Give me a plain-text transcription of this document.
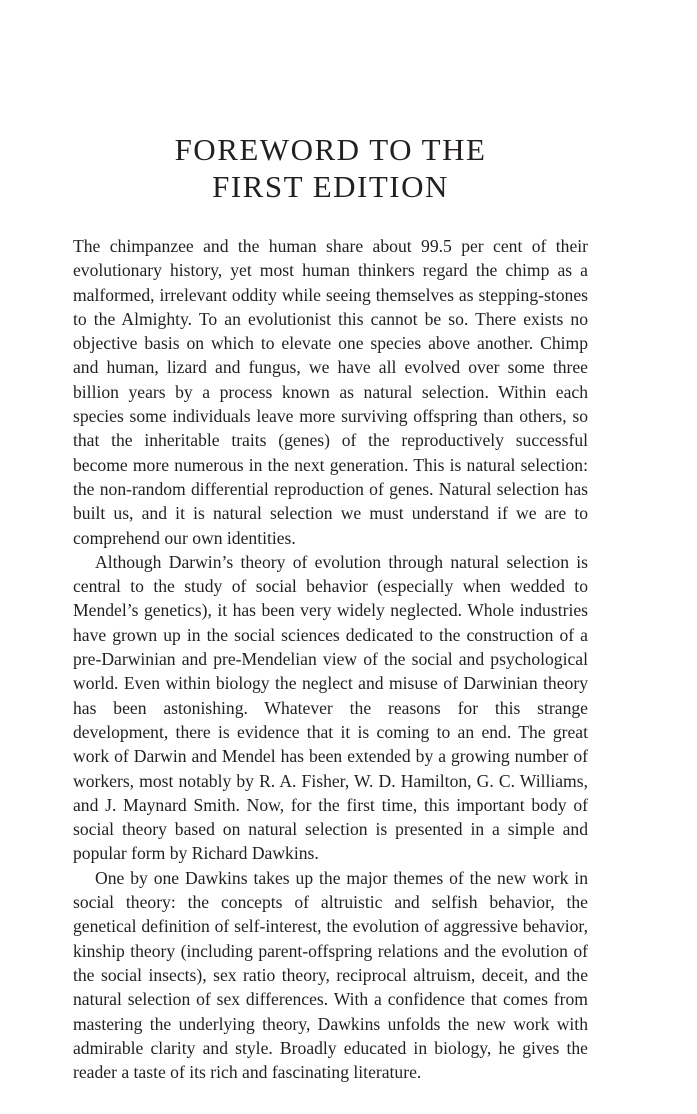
FOREWORD TO THE
FIRST EDITION

The chimpanzee and the human share about 99.5 per cent of their evolutionary history, yet most human thinkers regard the chimp as a malformed, irrelevant oddity while seeing themselves as stepping-stones to the Almighty. To an evolutionist this cannot be so. There exists no objective basis on which to elevate one species above another. Chimp and human, lizard and fungus, we have all evolved over some three billion years by a process known as natural selection. Within each species some individuals leave more surviving offspring than others, so that the inheritable traits (genes) of the reproductively successful become more numerous in the next generation. This is natural selection: the non-random differential reproduction of genes. Natural selection has built us, and it is natural selection we must understand if we are to comprehend our own identities.

Although Darwin’s theory of evolution through natural selection is central to the study of social behavior (especially when wedded to Mendel’s genetics), it has been very widely neglected. Whole industries have grown up in the social sciences dedicated to the construction of a pre-Darwinian and pre-Mendelian view of the social and psychological world. Even within biology the neglect and misuse of Darwinian theory has been astonishing. Whatever the reasons for this strange development, there is evidence that it is coming to an end. The great work of Darwin and Mendel has been extended by a growing number of workers, most notably by R. A. Fisher, W. D. Hamilton, G. C. Williams, and J. Maynard Smith. Now, for the first time, this important body of social theory based on natural selection is presented in a simple and popular form by Richard Dawkins.

One by one Dawkins takes up the major themes of the new work in social theory: the concepts of altruistic and selfish behavior, the genetical definition of self-interest, the evolution of aggressive behavior, kinship theory (including parent-offspring relations and the evolution of the social insects), sex ratio theory, reciprocal altruism, deceit, and the natural selection of sex differences. With a confidence that comes from mastering the underlying theory, Dawkins unfolds the new work with admirable clarity and style. Broadly educated in biology, he gives the reader a taste of its rich and fascinating literature.
